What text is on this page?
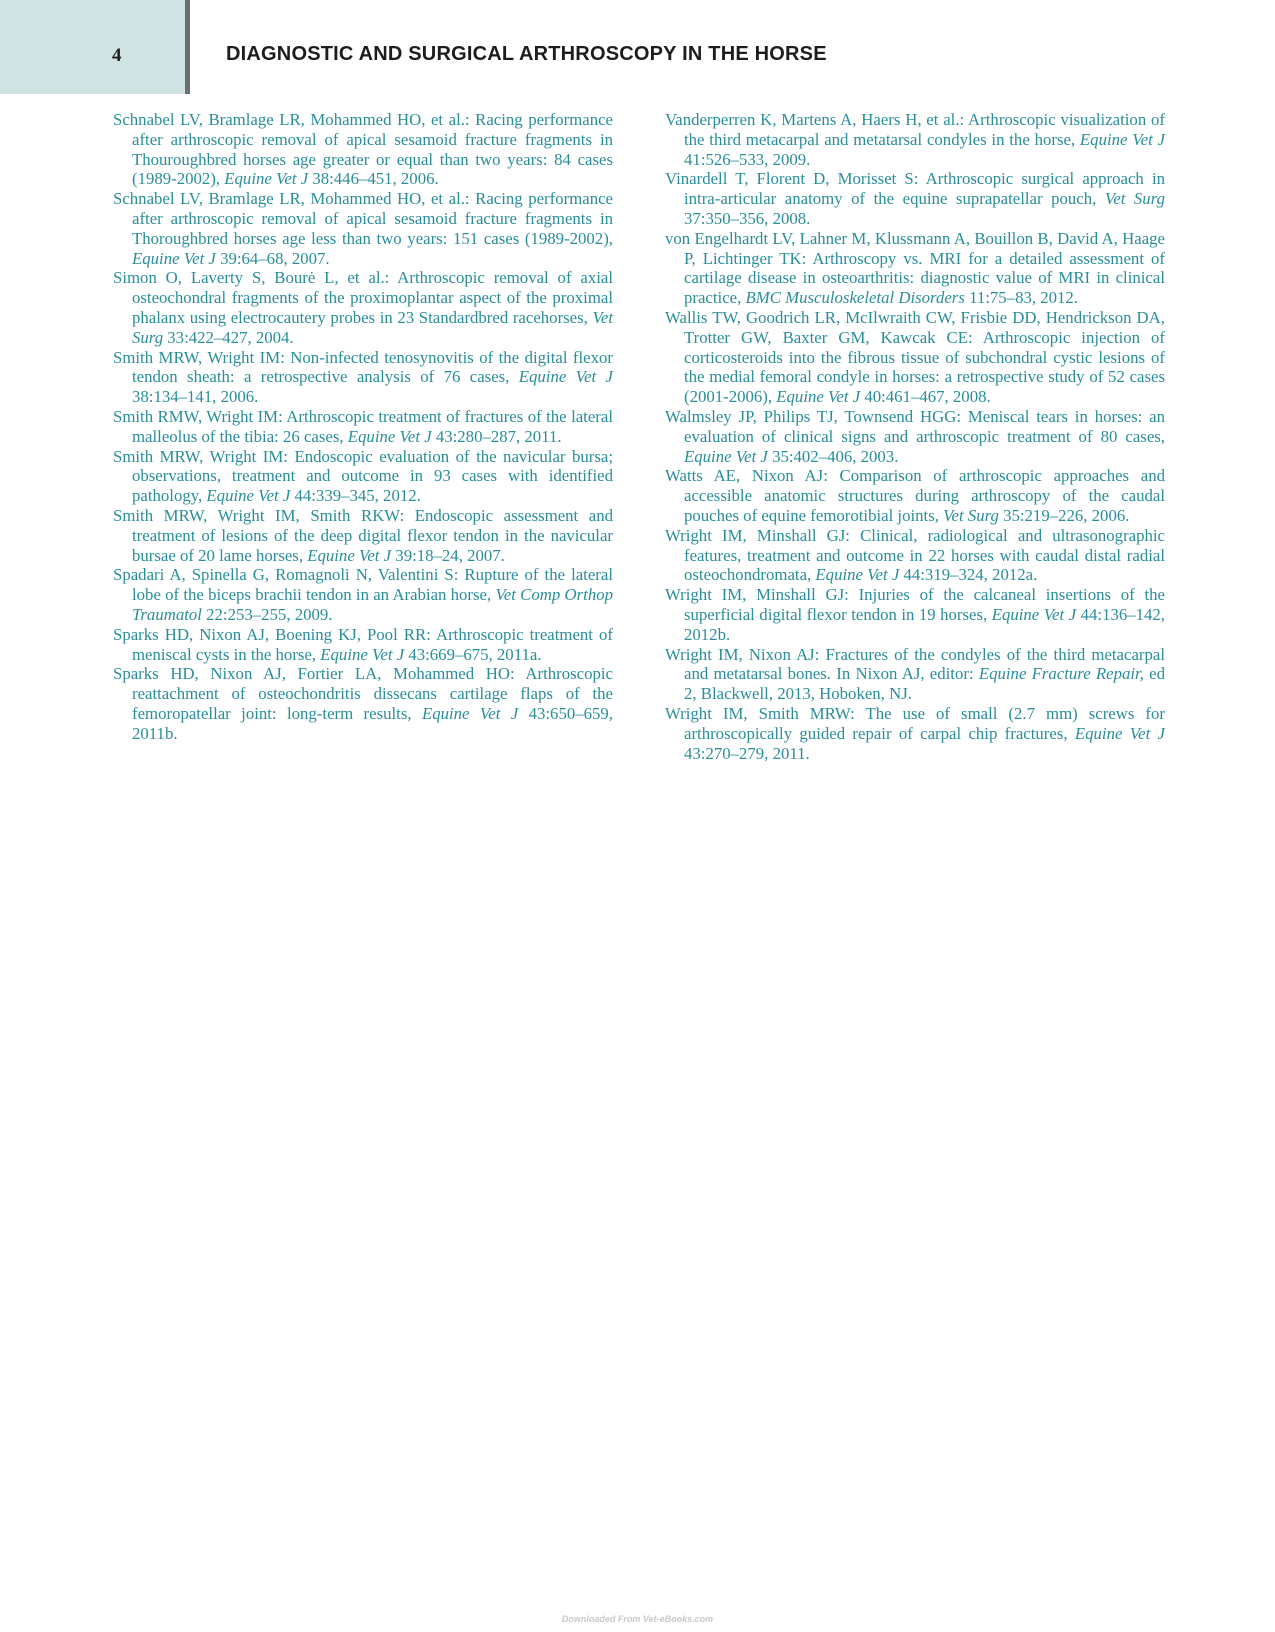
4	DIAGNOSTIC AND SURGICAL ARTHROSCOPY IN THE HORSE

Schnabel LV, Bramlage LR, Mohammed HO, et al.: Racing performance after arthroscopic removal of apical sesamoid fracture fragments in Thouroughbred horses age greater or equal than two years: 84 cases (1989-2002), Equine Vet J 38:446–451, 2006.

Schnabel LV, Bramlage LR, Mohammed HO, et al.: Racing performance after arthroscopic removal of apical sesamoid fracture fragments in Thoroughbred horses age less than two years: 151 cases (1989-2002), Equine Vet J 39:64–68, 2007.

Simon O, Laverty S, Bourė L, et al.: Arthroscopic removal of axial osteochondral fragments of the proximoplantar aspect of the proximal phalanx using electrocautery probes in 23 Standardbred racehorses, Vet Surg 33:422–427, 2004.

Smith MRW, Wright IM: Non-infected tenosynovitis of the digital flexor tendon sheath: a retrospective analysis of 76 cases, Equine Vet J 38:134–141, 2006.

Smith RMW, Wright IM: Arthroscopic treatment of fractures of the lateral malleolus of the tibia: 26 cases, Equine Vet J 43:280–287, 2011.

Smith MRW, Wright IM: Endoscopic evaluation of the navicular bursa; observations, treatment and outcome in 93 cases with identified pathology, Equine Vet J 44:339–345, 2012.

Smith MRW, Wright IM, Smith RKW: Endoscopic assessment and treatment of lesions of the deep digital flexor tendon in the navicular bursae of 20 lame horses, Equine Vet J 39:18–24, 2007.

Spadari A, Spinella G, Romagnoli N, Valentini S: Rupture of the lateral lobe of the biceps brachii tendon in an Arabian horse, Vet Comp Orthop Traumatol 22:253–255, 2009.

Sparks HD, Nixon AJ, Boening KJ, Pool RR: Arthroscopic treatment of meniscal cysts in the horse, Equine Vet J 43:669–675, 2011a.

Sparks HD, Nixon AJ, Fortier LA, Mohammed HO: Arthroscopic reattachment of osteochondritis dissecans cartilage flaps of the femoropatellar joint: long-term results, Equine Vet J 43:650–659, 2011b.

Vanderperren K, Martens A, Haers H, et al.: Arthroscopic visualization of the third metacarpal and metatarsal condyles in the horse, Equine Vet J 41:526–533, 2009.

Vinardell T, Florent D, Morisset S: Arthroscopic surgical approach in intra-articular anatomy of the equine suprapatellar pouch, Vet Surg 37:350–356, 2008.

von Engelhardt LV, Lahner M, Klussmann A, Bouillon B, David A, Haage P, Lichtinger TK: Arthroscopy vs. MRI for a detailed assessment of cartilage disease in osteoarthritis: diagnostic value of MRI in clinical practice, BMC Musculoskeletal Disorders 11:75–83, 2012.

Wallis TW, Goodrich LR, McIlwraith CW, Frisbie DD, Hendrickson DA, Trotter GW, Baxter GM, Kawcak CE: Arthroscopic injection of corticosteroids into the fibrous tissue of subchondral cystic lesions of the medial femoral condyle in horses: a retrospective study of 52 cases (2001-2006), Equine Vet J 40:461–467, 2008.

Walmsley JP, Philips TJ, Townsend HGG: Meniscal tears in horses: an evaluation of clinical signs and arthroscopic treatment of 80 cases, Equine Vet J 35:402–406, 2003.

Watts AE, Nixon AJ: Comparison of arthroscopic approaches and accessible anatomic structures during arthroscopy of the caudal pouches of equine femorotibial joints, Vet Surg 35:219–226, 2006.

Wright IM, Minshall GJ: Clinical, radiological and ultrasonographic features, treatment and outcome in 22 horses with caudal distal radial osteochondromata, Equine Vet J 44:319–324, 2012a.

Wright IM, Minshall GJ: Injuries of the calcaneal insertions of the superficial digital flexor tendon in 19 horses, Equine Vet J 44:136–142, 2012b.

Wright IM, Nixon AJ: Fractures of the condyles of the third metacarpal and metatarsal bones. In Nixon AJ, editor: Equine Fracture Repair, ed 2, Blackwell, 2013, Hoboken, NJ.

Wright IM, Smith MRW: The use of small (2.7 mm) screws for arthroscopically guided repair of carpal chip fractures, Equine Vet J 43:270–279, 2011.

Downloaded From Vet-eBooks.com
